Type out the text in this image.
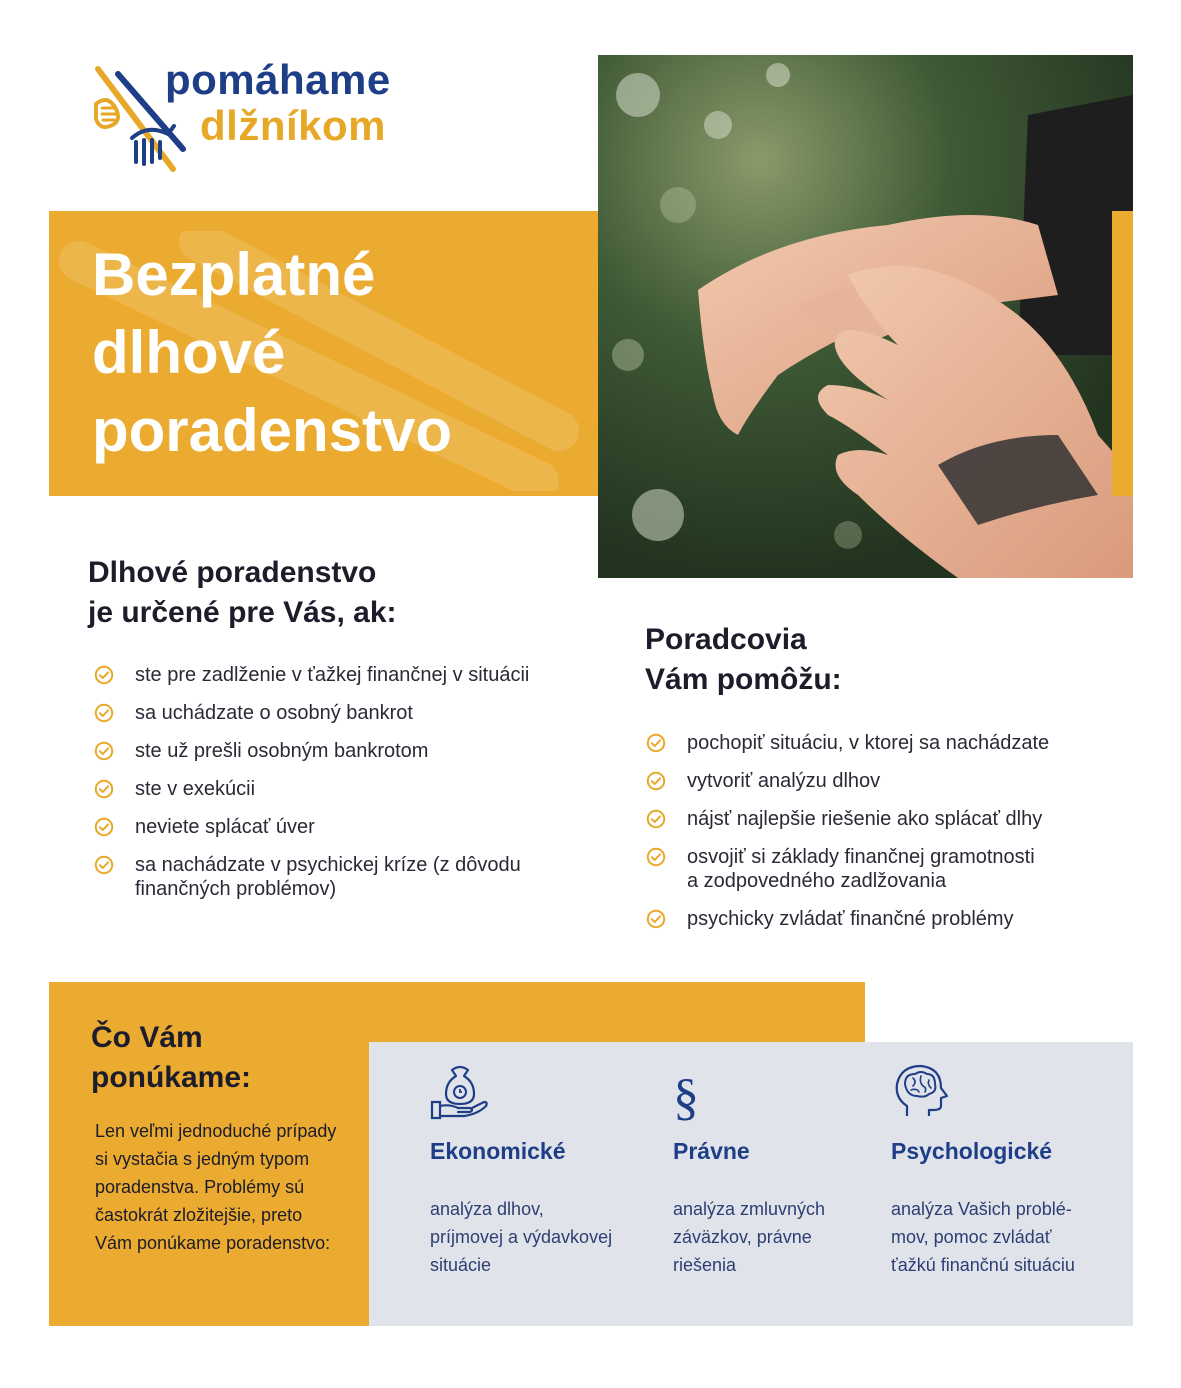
pomáhame
dlžníkom
Bezplatné
dlhové
poradenstvo
Dlhové poradenstvo
je určené pre Vás, ak:
ste pre zadlženie v ťažkej finančnej v situácii
sa uchádzate o osobný bankrot
ste už prešli osobným bankrotom
ste v exekúcii
neviete splácať úver
sa nachádzate v psychickej kríze (z dôvodu
finančných problémov)
Poradcovia
Vám pomôžu:
pochopiť situáciu, v ktorej sa nachádzate
vytvoriť analýzu dlhov
nájsť najlepšie riešenie ako splácať dlhy
osvojiť si základy finančnej gramotnosti
a zodpovedného zadlžovania
psychicky zvládať finančné problémy
Čo Vám
ponúkame:
Len veľmi jednoduché prípady
si vystačia s jedným typom
poradenstva. Problémy sú
častokrát zložitejšie, preto
Vám ponúkame poradenstvo:
Ekonomické
analýza dlhov,
príjmovej a výdavkovej
situácie
§
Právne
analýza zmluvných
záväzkov, právne
riešenia
Psychologické
analýza Vašich problé-
mov, pomoc zvládať
ťažkú finančnú situáciu
